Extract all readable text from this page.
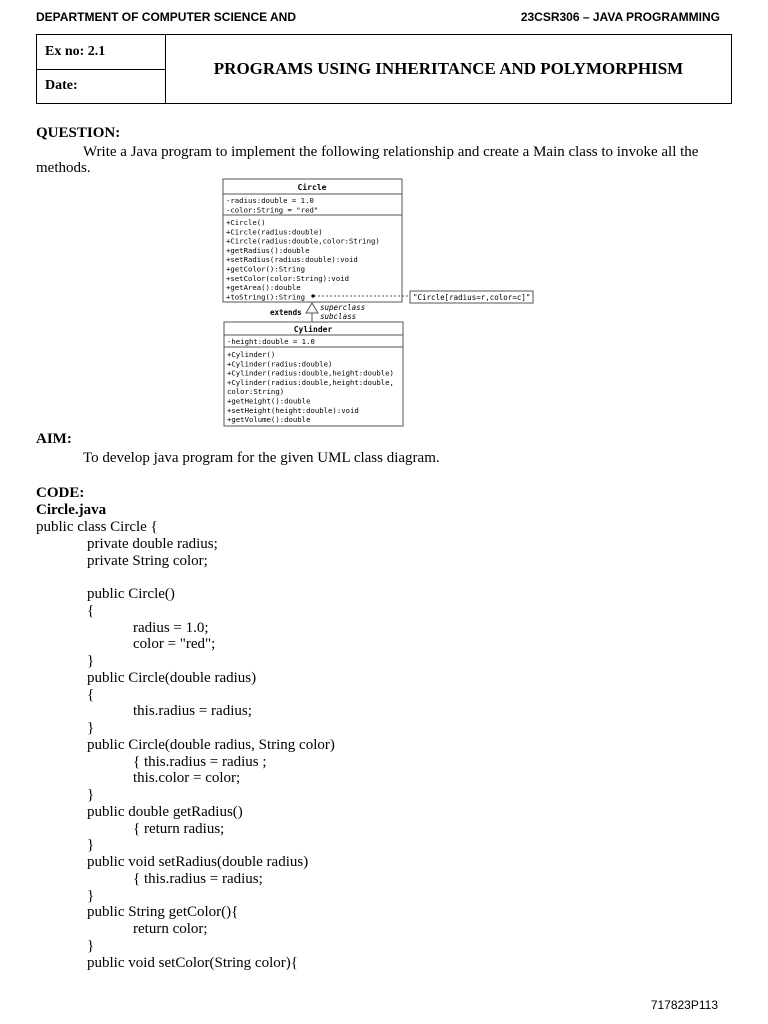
DEPARTMENT OF COMPUTER SCIENCE AND	23CSR306 – JAVA PROGRAMMING
Ex no: 2.1
Date:
PROGRAMS USING INHERITANCE AND POLYMORPHISM
QUESTION:
Write a Java program to implement the following relationship and create a Main class to invoke all the
methods.
Circle
-radius:double = 1.0
-color:String = "red"
+Circle()
+Circle(radius:double)
+Circle(radius:double,color:String)
+getRadius():double
+setRadius(radius:double):void
+getColor():String
+setColor(color:String):void
+getArea():double
+toString():String	"Circle[radius=r,color=c]"
superclass
extends subclass
Cylinder
-height:double = 1.0
+Cylinder()
+Cylinder(radius:double)
+Cylinder(radius:double,height:double)
+Cylinder(radius:double,height:double,
color:String)
+getHeight():double
+setHeight(height:double):void
+getVolume():double
AIM:
To develop java program for the given UML class diagram.
CODE:
Circle.java
public class Circle {
private double radius;
private String color;
public Circle()
{
radius = 1.0;
color = "red";
}
public Circle(double radius)
{
this.radius = radius;
}
public Circle(double radius, String color)
{ this.radius = radius ;
this.color = color;
}
public double getRadius()
{ return radius;
}
public void setRadius(double radius)
{ this.radius = radius;
}
public String getColor(){
return color;
}
public void setColor(String color){
717823P113
